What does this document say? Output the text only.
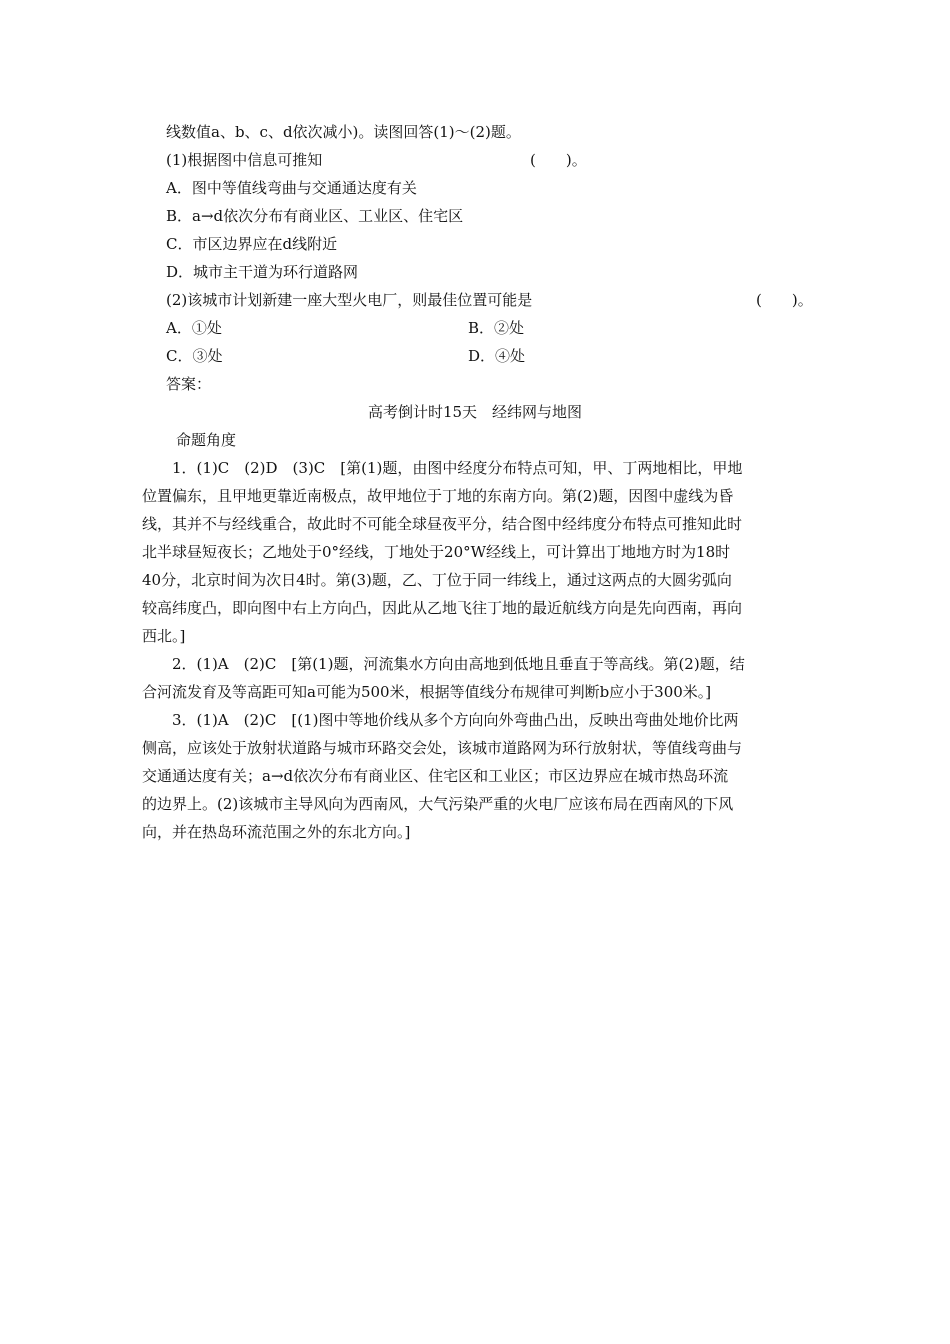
线数值a、b、c、d依次减小)。读图回答(1)～(2)题。
(1)根据图中信息可推知	(　　)。
A．图中等值线弯曲与交通通达度有关
B．a→d依次分布有商业区、工业区、住宅区
C．市区边界应在d线附近
D．城市主干道为环行道路网
(2)该城市计划新建一座大型火电厂，则最佳位置可能是	(　　)。
A．①处	B．②处
C．③处	D．④处
答案：
高考倒计时15天　经纬网与地图
命题角度
1．(1)C　(2)D　(3)C　[第(1)题，由图中经度分布特点可知，甲、丁两地相比，甲地
位置偏东，且甲地更靠近南极点，故甲地位于丁地的东南方向。第(2)题，因图中虚线为昏
线，其并不与经线重合，故此时不可能全球昼夜平分，结合图中经纬度分布特点可推知此时
北半球昼短夜长；乙地处于0°经线，丁地处于20°W经线上，可计算出丁地地方时为18时
40分，北京时间为次日4时。第(3)题，乙、丁位于同一纬线上，通过这两点的大圆劣弧向
较高纬度凸，即向图中右上方向凸，因此从乙地飞往丁地的最近航线方向是先向西南，再向
西北。]
2．(1)A　(2)C　[第(1)题，河流集水方向由高地到低地且垂直于等高线。第(2)题，结
合河流发育及等高距可知a可能为500米，根据等值线分布规律可判断b应小于300米。]
3．(1)A　(2)C　[(1)图中等地价线从多个方向向外弯曲凸出，反映出弯曲处地价比两
侧高，应该处于放射状道路与城市环路交会处，该城市道路网为环行放射状，等值线弯曲与
交通通达度有关；a→d依次分布有商业区、住宅区和工业区；市区边界应在城市热岛环流
的边界上。(2)该城市主导风向为西南风，大气污染严重的火电厂应该布局在西南风的下风
向，并在热岛环流范围之外的东北方向。]
